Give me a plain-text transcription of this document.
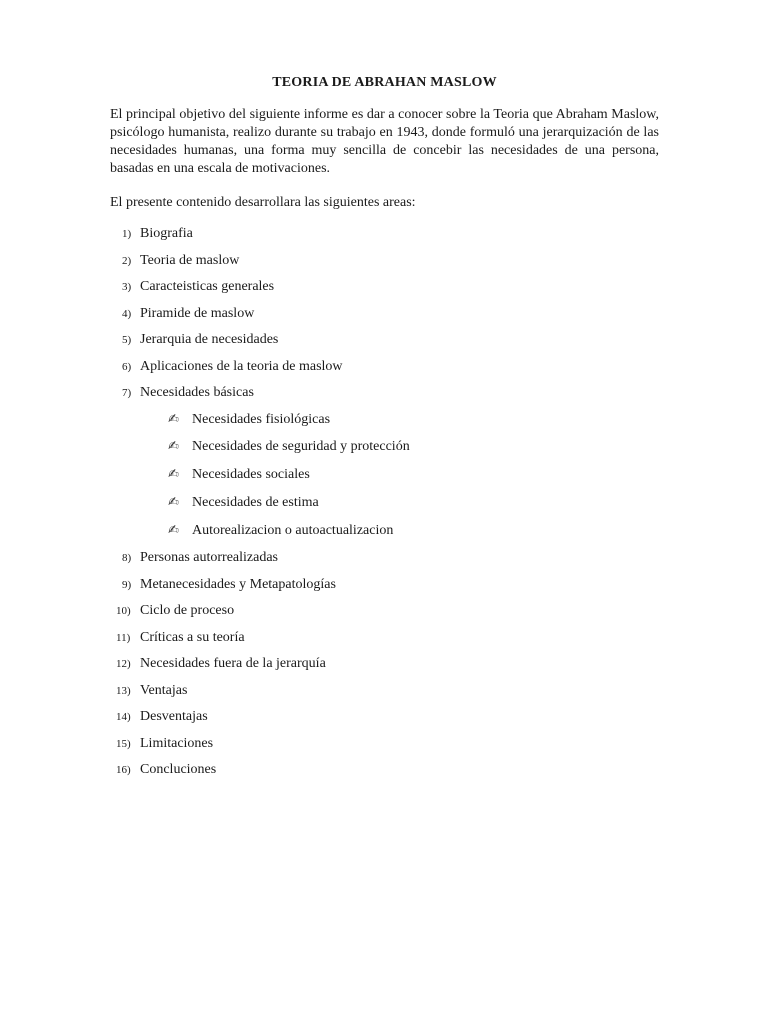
TEORIA DE ABRAHAN MASLOW

El principal objetivo del siguiente informe es dar a conocer sobre la Teoria que Abraham Maslow, psicólogo humanista, realizo durante su trabajo en 1943, donde formuló una jerarquización de las necesidades humanas, una forma muy sencilla de concebir las necesidades de una persona, basadas en una escala de motivaciones.

El presente contenido desarrollara las siguientes areas:

1) Biografia
2) Teoria de maslow
3) Caracteisticas generales
4) Piramide de maslow
5) Jerarquia de necesidades
6) Aplicaciones de la teoria de maslow
7) Necesidades básicas
✍ Necesidades fisiológicas
✍ Necesidades de seguridad y protección
✍ Necesidades sociales
✍ Necesidades de estima
✍ Autorealizacion o autoactualizacion
8) Personas autorrealizadas
9) Metanecesidades y Metapatologías
10) Ciclo de proceso
11) Críticas a su teoría
12) Necesidades fuera de la jerarquía
13) Ventajas
14) Desventajas
15) Limitaciones
16) Concluciones
